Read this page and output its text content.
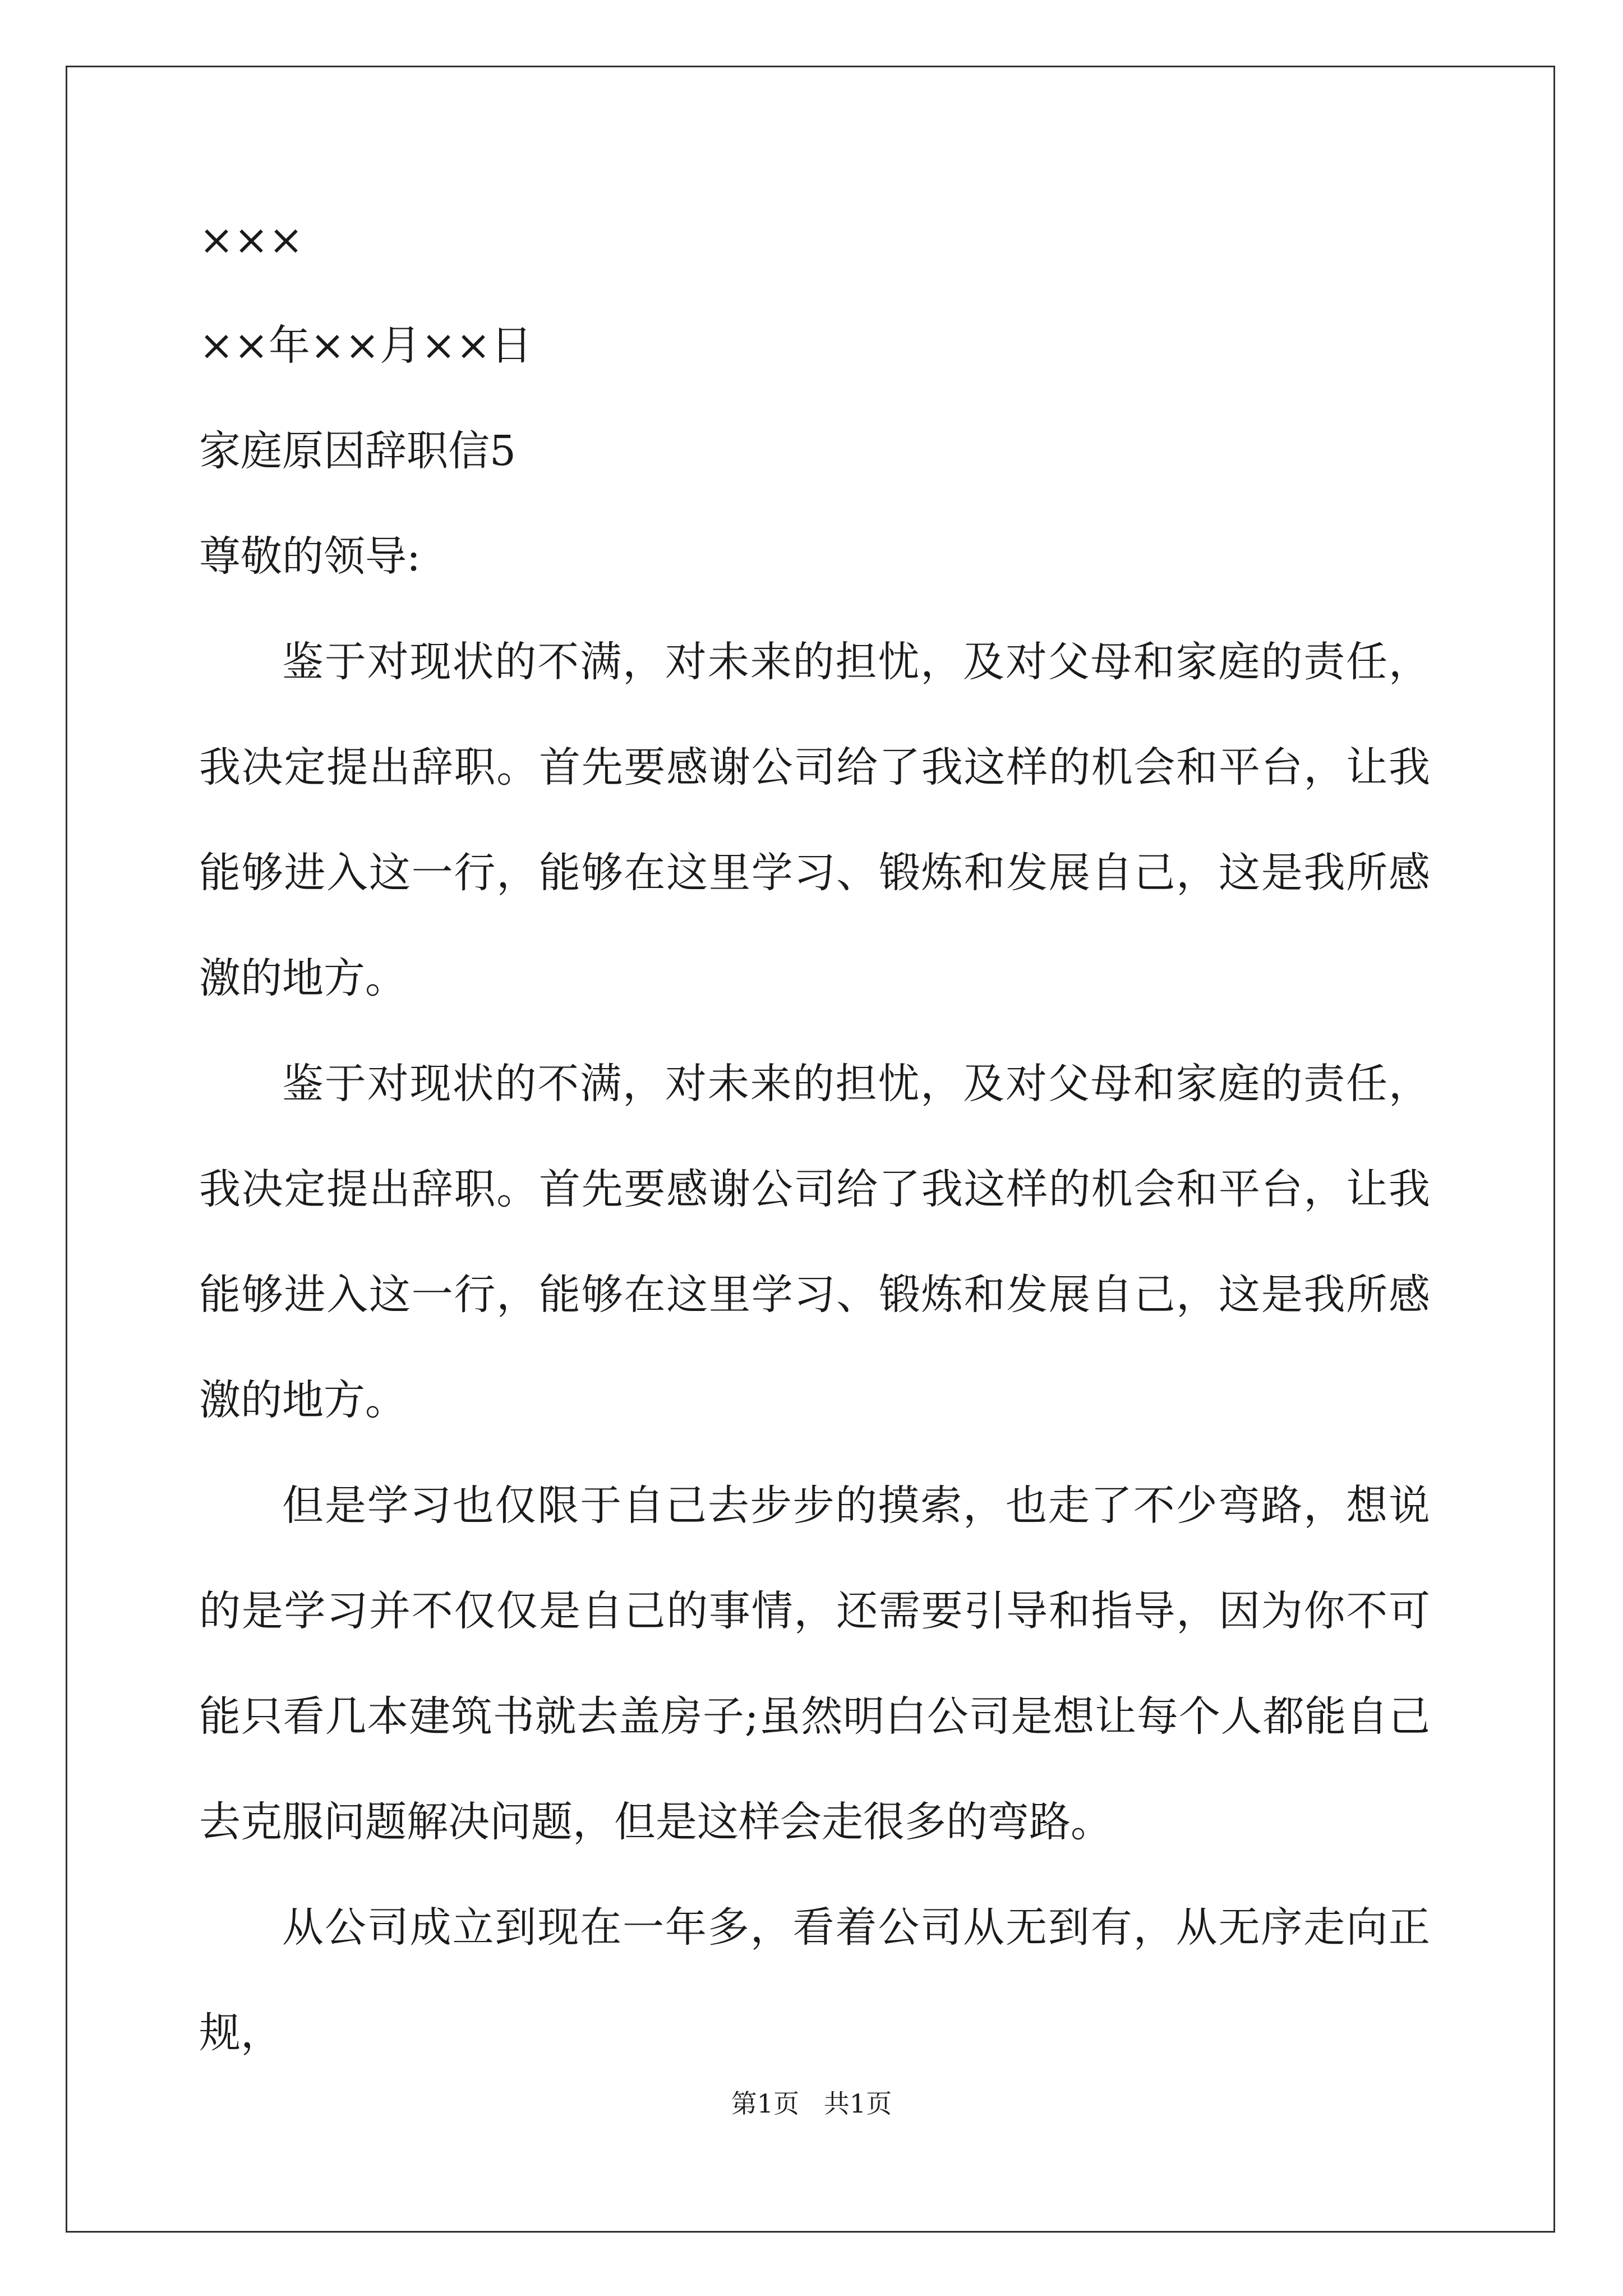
×××
××年××月××日
家庭原因辞职信5
尊敬的领导:

鉴于对现状的不满，对未来的担忧，及对父母和家庭的责任，我决定提出辞职。首先要感谢公司给了我这样的机会和平台，让我能够进入这一行，能够在这里学习、锻炼和发展自己，这是我所感激的地方。

鉴于对现状的不满，对未来的担忧，及对父母和家庭的责任，我决定提出辞职。首先要感谢公司给了我这样的机会和平台，让我能够进入这一行，能够在这里学习、锻炼和发展自己，这是我所感激的地方。

但是学习也仅限于自己去步步的摸索，也走了不少弯路，想说的是学习并不仅仅是自己的事情，还需要引导和指导，因为你不可能只看几本建筑书就去盖房子;虽然明白公司是想让每个人都能自己去克服问题解决问题，但是这样会走很多的弯路。

从公司成立到现在一年多，看着公司从无到有，从无序走向正规，

第1页   共1页
